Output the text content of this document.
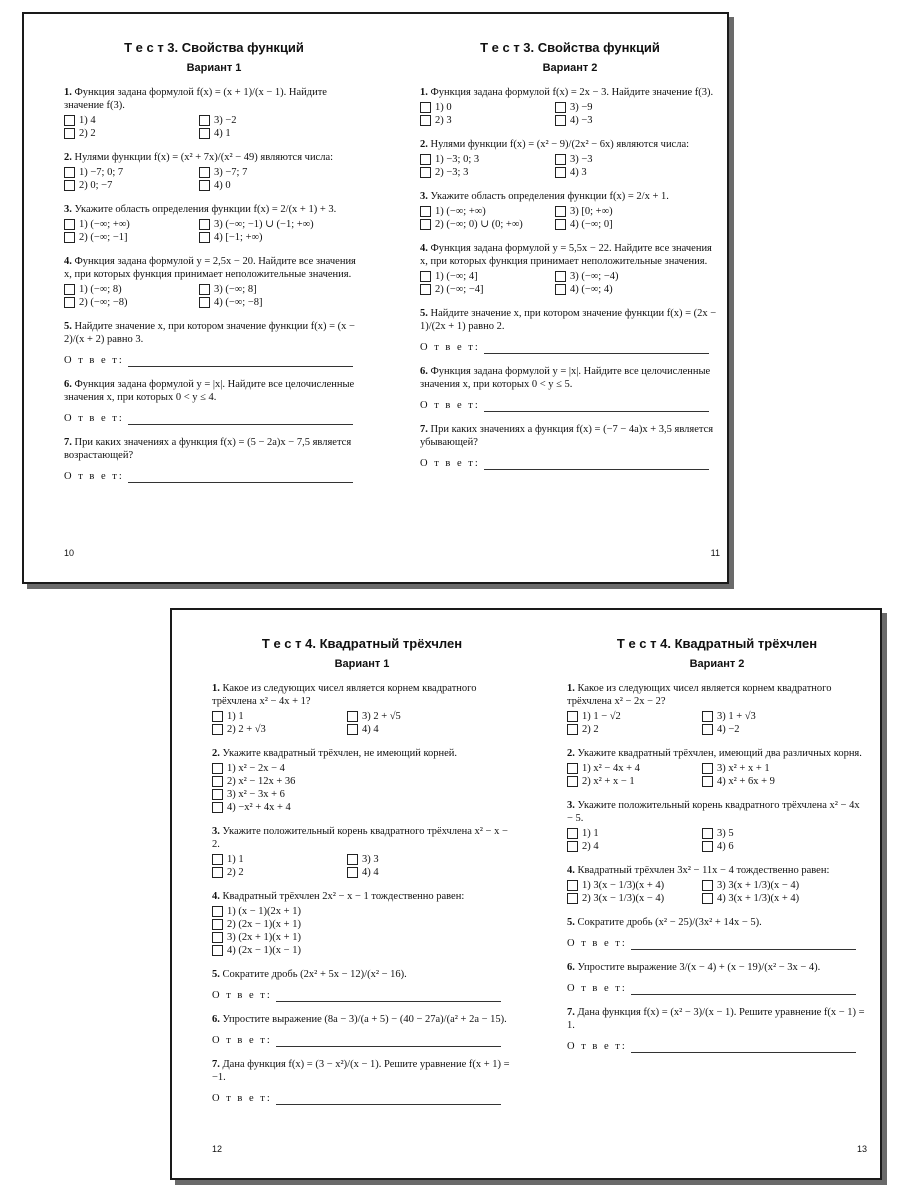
Т е с т 3. Свойства функций
Вариант 1

1. Функция задана формулой f(x) = (x + 1)/(x − 1). Найдите значение f(3).

1) 4	3) −2
2) 2	4) 1

2. Нулями функции f(x) = (x² + 7x)/(x² − 49) являются числа:

1) −7; 0; 7	3) −7; 7
2) 0; −7	4) 0

3. Укажите область определения функции f(x) = 2/(x + 1) + 3.

1) (−∞; +∞)	3) (−∞; −1) ∪ (−1; +∞)
2) (−∞; −1]	4) [−1; +∞)

4. Функция задана формулой y = 2,5x − 20. Найдите все значения x, при которых функция принимает неположительные значения.

1) (−∞; 8)	3) (−∞; 8]
2) (−∞; −8)	4) (−∞; −8]

5. Найдите значение x, при котором значение функции f(x) = (x − 2)/(x + 2) равно 3.

О т в е т:

6. Функция задана формулой y = |x|. Найдите все целочисленные значения x, при которых 0 < y ≤ 4.

О т в е т:

7. При каких значениях a функция f(x) = (5 − 2a)x − 7,5 является возрастающей?

О т в е т:
10
Т е с т 3. Свойства функций
Вариант 2

1. Функция задана формулой f(x) = 2x − 3. Найдите значение f(3).

1) 0	3) −9
2) 3	4) −3

2. Нулями функции f(x) = (x² − 9)/(2x² − 6x) являются числа:

1) −3; 0; 3	3) −3
2) −3; 3	4) 3

3. Укажите область определения функции f(x) = 2/x + 1.

1) (−∞; +∞)	3) [0; +∞)
2) (−∞; 0) ∪ (0; +∞)	4) (−∞; 0]

4. Функция задана формулой y = 5,5x − 22. Найдите все значения x, при которых функция принимает неположительные значения.

1) (−∞; 4]	3) (−∞; −4)
2) (−∞; −4]	4) (−∞; 4)

5. Найдите значение x, при котором значение функции f(x) = (2x − 1)/(2x + 1) равно 2.

О т в е т:

6. Функция задана формулой y = |x|. Найдите все целочисленные значения x, при которых 0 < y ≤ 5.

О т в е т:

7. При каких значениях a функция f(x) = (−7 − 4a)x + 3,5 является убывающей?

О т в е т:
11
Т е с т 4. Квадратный трёхчлен
Вариант 1

1. Какое из следующих чисел является корнем квадратного трёхчлена x² − 4x + 1?

1) 1	3) 2 + √5
2) 2 + √3	4) 4

2. Укажите квадратный трёхчлен, не имеющий корней.

1) x² − 2x − 4
2) x² − 12x + 36
3) x² − 3x + 6
4) −x² + 4x + 4

3. Укажите положительный корень квадратного трёхчлена x² − x − 2.

1) 1	3) 3
2) 2	4) 4

4. Квадратный трёхчлен 2x² − x − 1 тождественно равен:

1) (x − 1)(2x + 1)
2) (2x − 1)(x + 1)
3) (2x + 1)(x + 1)
4) (2x − 1)(x − 1)

5. Сократите дробь (2x² + 5x − 12)/(x² − 16).

О т в е т:

6. Упростите выражение (8a − 3)/(a + 5) − (40 − 27a)/(a² + 2a − 15).

О т в е т:

7. Дана функция f(x) = (3 − x²)/(x − 1). Решите уравнение f(x + 1) = −1.

О т в е т:
12
Т е с т 4. Квадратный трёхчлен
Вариант 2

1. Какое из следующих чисел является корнем квадратного трёхчлена x² − 2x − 2?

1) 1 − √2	3) 1 + √3
2) 2	4) −2

2. Укажите квадратный трёхчлен, имеющий два различных корня.

1) x² − 4x + 4	3) x² + x + 1
2) x² + x − 1	4) x² + 6x + 9

3. Укажите положительный корень квадратного трёхчлена x² − 4x − 5.

1) 1	3) 5
2) 4	4) 6

4. Квадратный трёхчлен 3x² − 11x − 4 тождественно равен:

1) 3(x − 1/3)(x + 4)	3) 3(x + 1/3)(x − 4)
2) 3(x − 1/3)(x − 4)	4) 3(x + 1/3)(x + 4)

5. Сократите дробь (x² − 25)/(3x² + 14x − 5).

О т в е т:

6. Упростите выражение 3/(x − 4) + (x − 19)/(x² − 3x − 4).

О т в е т:

7. Дана функция f(x) = (x² − 3)/(x − 1). Решите уравнение f(x − 1) = 1.

О т в е т:
13
